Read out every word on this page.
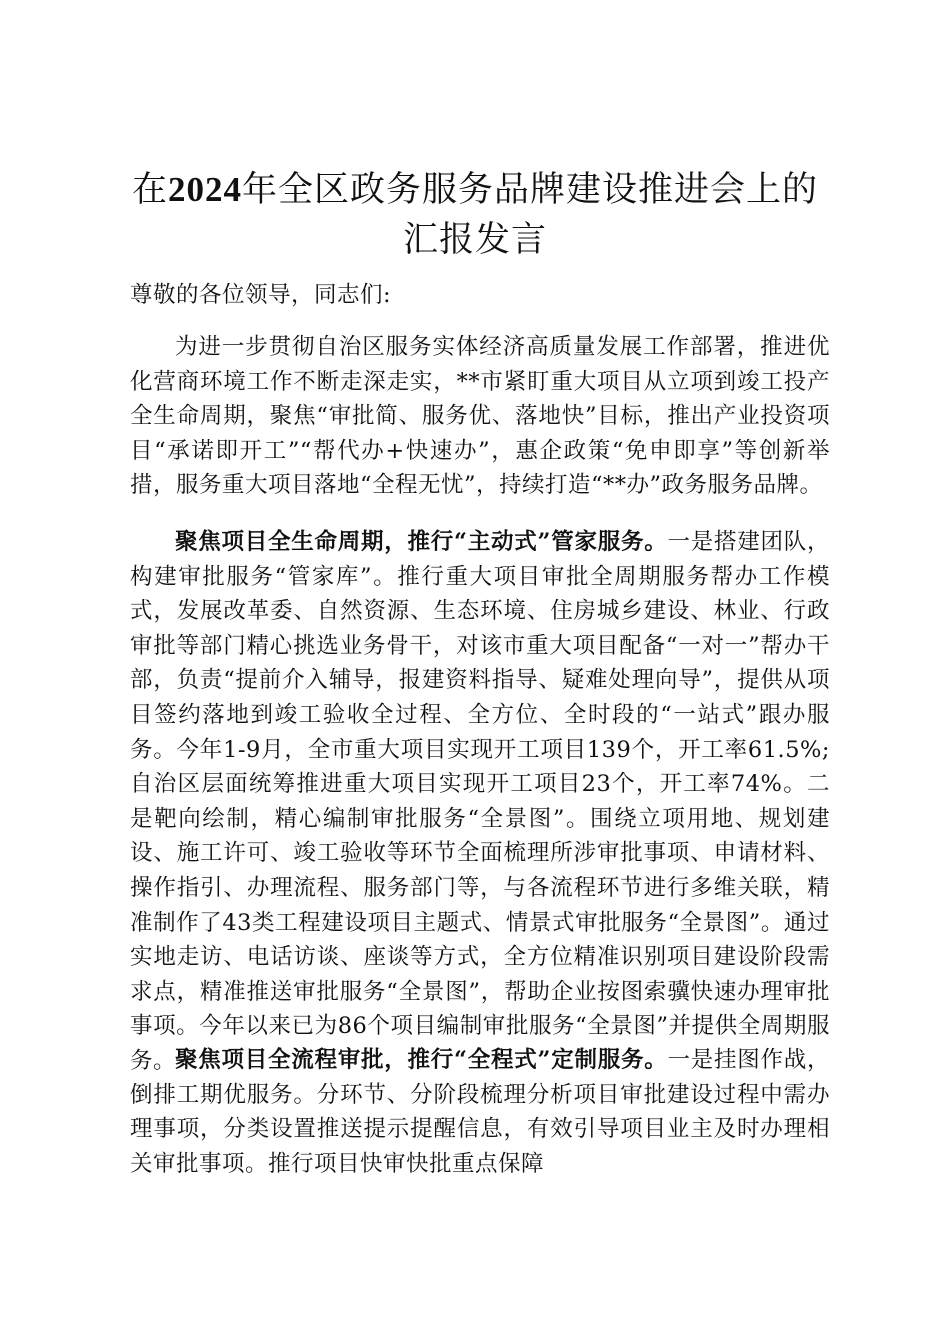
在2024年全区政务服务品牌建设推进会上的
汇报发言
尊敬的各位领导，同志们:

为进一步贯彻自治区服务实体经济高质量发展工作部署，推进优化营商环境工作不断走深走实，**市紧盯重大项目从立项到竣工投产全生命周期，聚焦“审批简、服务优、落地快”目标，推出产业投资项目“承诺即开工”“帮代办+快速办”，惠企政策“免申即享”等创新举措，服务重大项目落地“全程无忧”，持续打造“**办”政务服务品牌。

聚焦项目全生命周期，推行“主动式”管家服务。一是搭建团队，构建审批服务“管家库”。推行重大项目审批全周期服务帮办工作模式，发展改革委、自然资源、生态环境、住房城乡建设、林业、行政审批等部门精心挑选业务骨干，对该市重大项目配备“一对一”帮办干部，负责“提前介入辅导，报建资料指导、疑难处理向导”，提供从项目签约落地到竣工验收全过程、全方位、全时段的“一站式”跟办服务。今年1-9月，全市重大项目实现开工项目139个，开工率61.5%; 自治区层面统筹推进重大项目实现开工项目23个，开工率74%。二是靶向绘制，精心编制审批服务“全景图”。围绕立项用地、规划建设、施工许可、竣工验收等环节全面梳理所涉审批事项、申请材料、操作指引、办理流程、服务部门等，与各流程环节进行多维关联，精准制作了43类工程建设项目主题式、情景式审批服务“全景图”。通过实地走访、电话访谈、座谈等方式，全方位精准识别项目建设阶段需求点，精准推送审批服务“全景图”，帮助企业按图索骥快速办理审批事项。今年以来已为86个项目编制审批服务“全景图”并提供全周期服务。

聚焦项目全流程审批，推行“全程式”定制服务。一是挂图作战，倒排工期优服务。分环节、分阶段梳理分析项目审批建设过程中需办理事项，分类设置推送提示提醒信息，有效引导项目业主及时办理相关审批事项。推行项目快审快批重点保障
